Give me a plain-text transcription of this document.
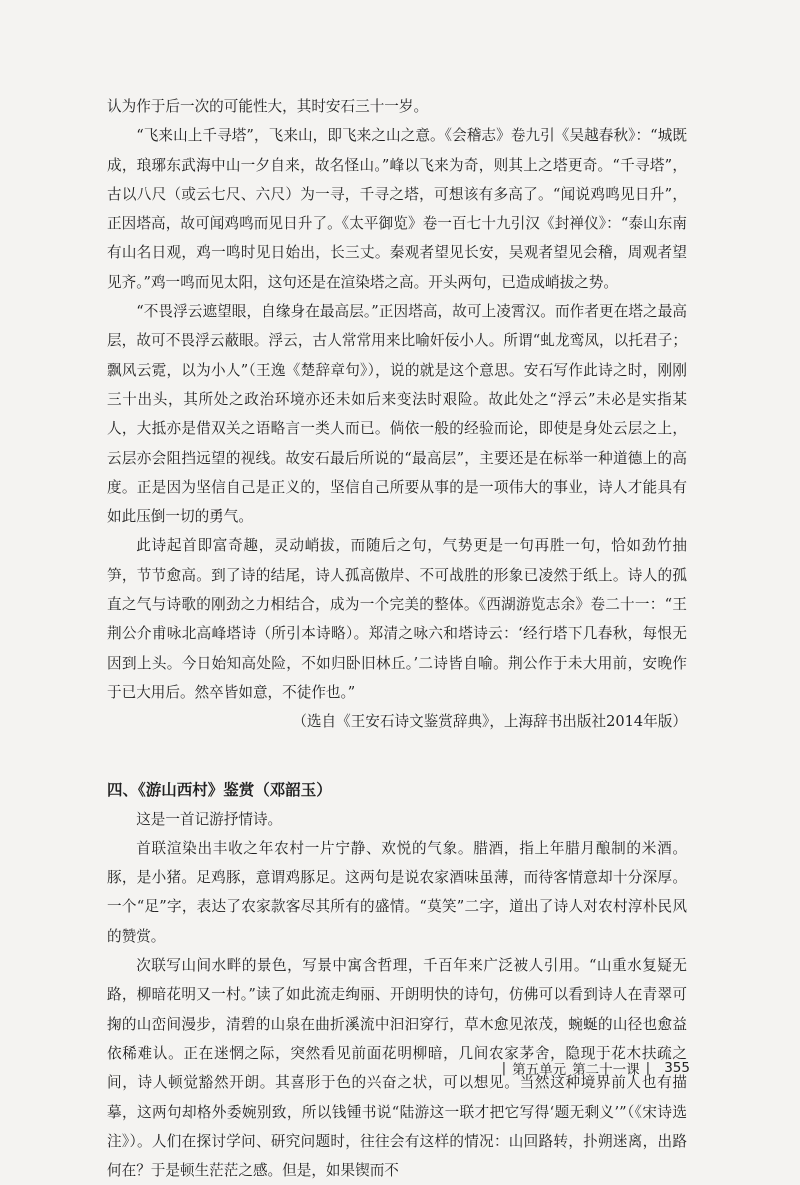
认为作于后一次的可能性大，其时安石三十一岁。

“飞来山上千寻塔”，飞来山，即飞来之山之意。《会稽志》卷九引《吴越春秋》：“城既成，琅琊东武海中山一夕自来，故名怪山。”峰以飞来为奇，则其上之塔更奇。“千寻塔”，古以八尺（或云七尺、六尺）为一寻，千寻之塔，可想该有多高了。“闻说鸡鸣见日升”，正因塔高，故可闻鸡鸣而见日升了。《太平御览》卷一百七十九引汉《封禅仪》：“泰山东南有山名日观，鸡一鸣时见日始出，长三丈。秦观者望见长安，吴观者望见会稽，周观者望见齐。”鸡一鸣而见太阳，这句还是在渲染塔之高。开头两句，已造成峭拔之势。

“不畏浮云遮望眼，自缘身在最高层。”正因塔高，故可上凌霄汉。而作者更在塔之最高层，故可不畏浮云蔽眼。浮云，古人常常用来比喻奸佞小人。所谓“虬龙鸾凤，以托君子；飘风云霓，以为小人”（王逸《楚辞章句》），说的就是这个意思。安石写作此诗之时，刚刚三十出头，其所处之政治环境亦还未如后来变法时艰险。故此处之“浮云”未必是实指某人，大抵亦是借双关之语略言一类人而已。倘依一般的经验而论，即使是身处云层之上，云层亦会阻挡远望的视线。故安石最后所说的“最高层”，主要还是在标举一种道德上的高度。正是因为坚信自己是正义的，坚信自己所要从事的是一项伟大的事业，诗人才能具有如此压倒一切的勇气。

此诗起首即富奇趣，灵动峭拔，而随后之句，气势更是一句再胜一句，恰如劲竹抽笋，节节愈高。到了诗的结尾，诗人孤高傲岸、不可战胜的形象已凌然于纸上。诗人的孤直之气与诗歌的刚劲之力相结合，成为一个完美的整体。《西湖游览志余》卷二十一：“王荆公介甫咏北高峰塔诗（所引本诗略）。郑清之咏六和塔诗云：‘经行塔下几春秋，每恨无因到上头。今日始知高处险，不如归卧旧林丘。’二诗皆自喻。荆公作于未大用前，安晚作于已大用后。然卒皆如意，不徒作也。”

（选自《王安石诗文鉴赏辞典》，上海辞书出版社2014年版）

四、《游山西村》鉴赏（邓韶玉）

这是一首记游抒情诗。

首联渲染出丰收之年农村一片宁静、欢悦的气象。腊酒，指上年腊月酿制的米酒。豚，是小猪。足鸡豚，意谓鸡豚足。这两句是说农家酒味虽薄，而待客情意却十分深厚。一个“足”字，表达了农家款客尽其所有的盛情。“莫笑”二字，道出了诗人对农村淳朴民风的赞赏。

次联写山间水畔的景色，写景中寓含哲理，千百年来广泛被人引用。“山重水复疑无路，柳暗花明又一村。”读了如此流走绚丽、开朗明快的诗句，仿佛可以看到诗人在青翠可掬的山峦间漫步，清碧的山泉在曲折溪流中汩汩穿行，草木愈见浓茂，蜿蜒的山径也愈益依稀难认。正在迷惘之际，突然看见前面花明柳暗，几间农家茅舍，隐现于花木扶疏之间，诗人顿觉豁然开朗。其喜形于色的兴奋之状，可以想见。当然这种境界前人也有描摹，这两句却格外委婉别致，所以钱锺书说“陆游这一联才把它写得‘题无剩义’”（《宋诗选注》）。人们在探讨学问、研究问题时，往往会有这样的情况：山回路转，扑朔迷离，出路何在？于是顿生茫茫之感。但是，如果锲而不

| 第五单元 第二十一课 | 355
